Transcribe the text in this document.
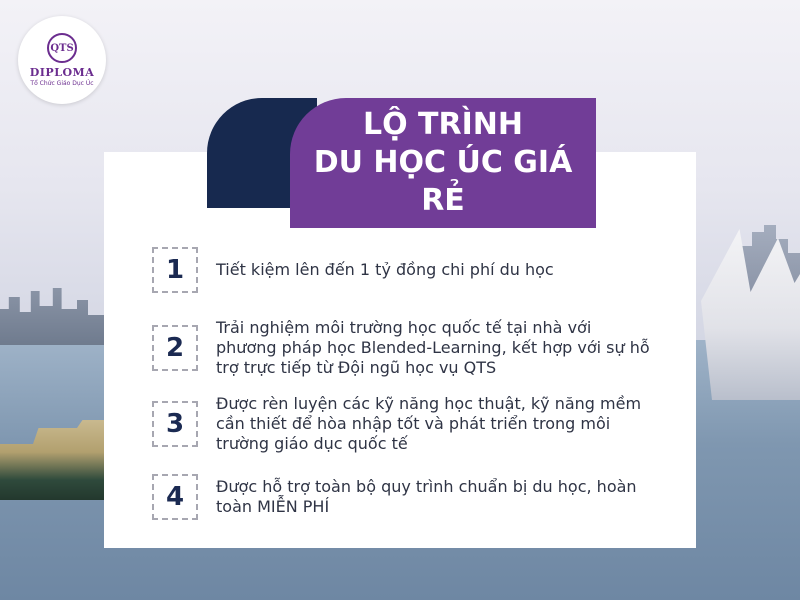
QTS
DIPLOMA
Tổ Chức Giáo Dục Úc
LỘ TRÌNH
DU HỌC ÚC GIÁ RẺ
1	Tiết kiệm lên đến 1 tỷ đồng chi phí du học
2
Trải nghiệm môi trường học quốc tế tại nhà với phương pháp học Blended-Learning, kết hợp với sự hỗ trợ trực tiếp từ Đội ngũ học vụ QTS
3
Được rèn luyện các kỹ năng học thuật, kỹ năng mềm cần thiết để hòa nhập tốt và phát triển trong môi trường giáo dục quốc tế
4	Được hỗ trợ toàn bộ quy trình chuẩn bị du học, hoàn toàn MIỄN PHÍ
